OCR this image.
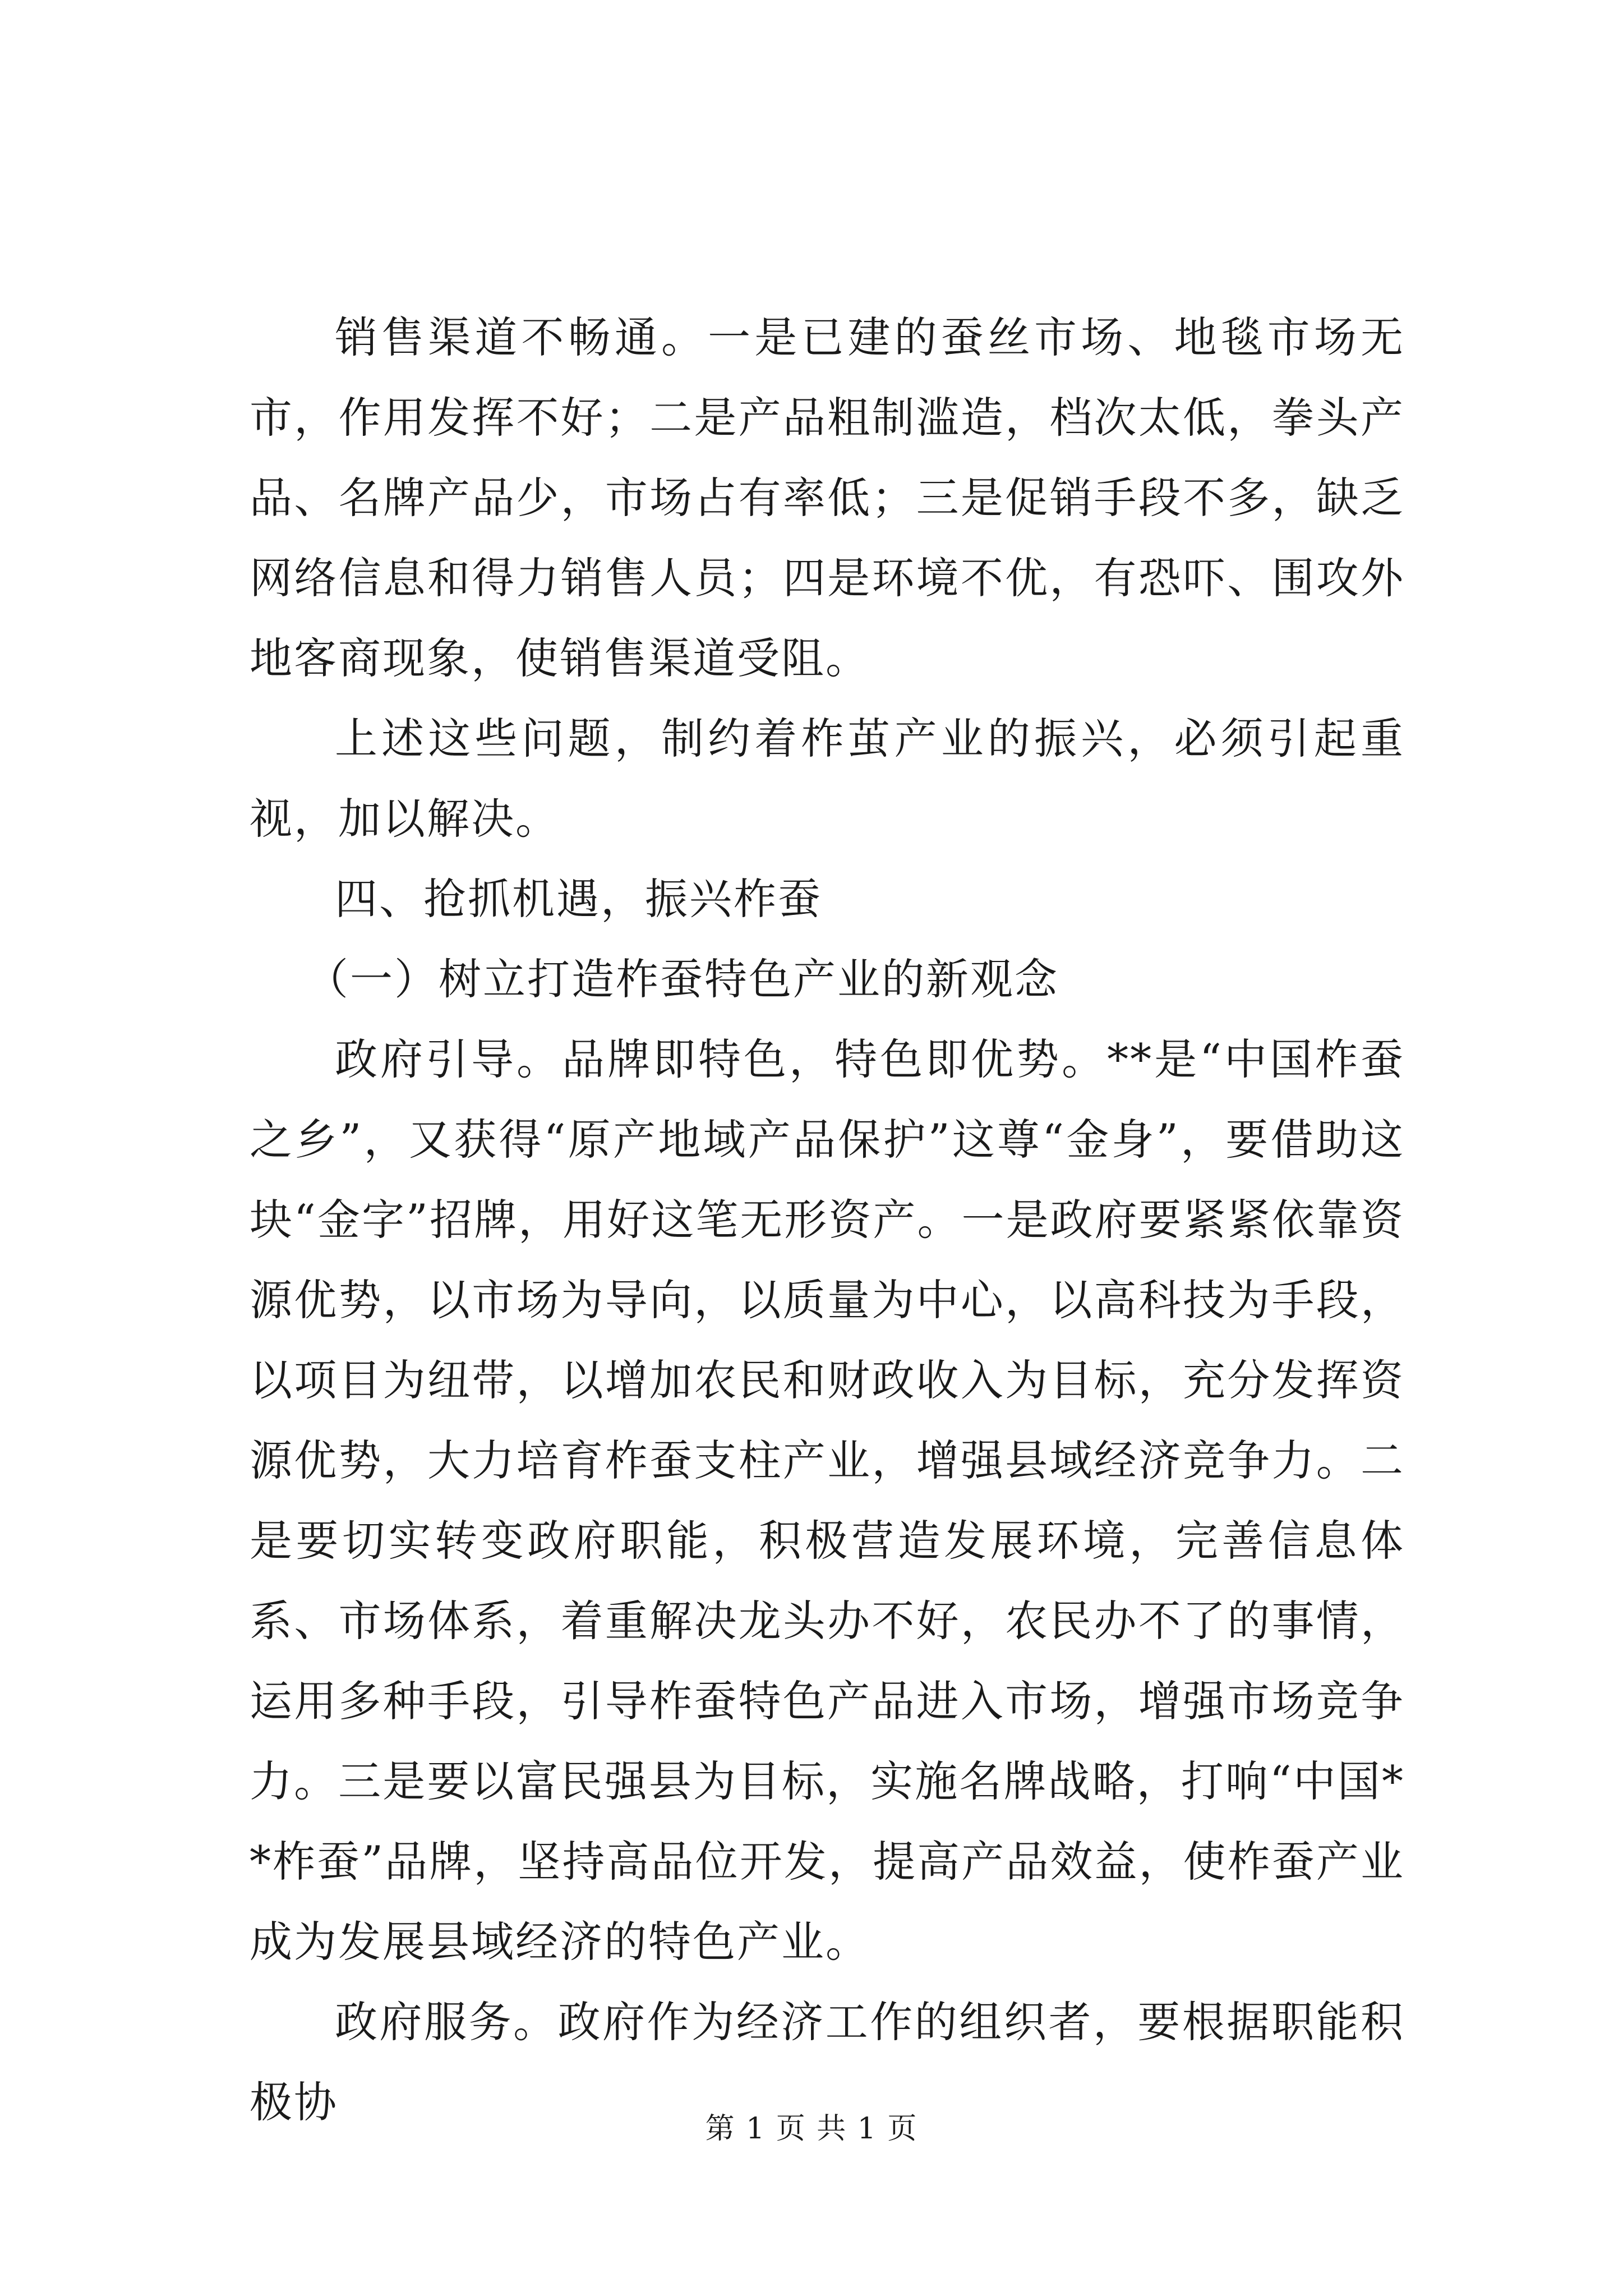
销售渠道不畅通。一是已建的蚕丝市场、地毯市场无市，作用发挥不好；二是产品粗制滥造，档次太低，拳头产品、名牌产品少，市场占有率低；三是促销手段不多，缺乏网络信息和得力销售人员；四是环境不优，有恐吓、围攻外地客商现象，使销售渠道受阻。

上述这些问题，制约着柞茧产业的振兴，必须引起重视，加以解决。

四、抢抓机遇，振兴柞蚕

（一）树立打造柞蚕特色产业的新观念

政府引导。品牌即特色，特色即优势。**是“中国柞蚕之乡”，又获得“原产地域产品保护”这尊“金身”，要借助这块“金字”招牌，用好这笔无形资产。一是政府要紧紧依靠资源优势，以市场为导向，以质量为中心，以高科技为手段，以项目为纽带，以增加农民和财政收入为目标，充分发挥资源优势，大力培育柞蚕支柱产业，增强县域经济竞争力。二是要切实转变政府职能，积极营造发展环境，完善信息体系、市场体系，着重解决龙头办不好，农民办不了的事情，运用多种手段，引导柞蚕特色产品进入市场，增强市场竞争力。三是要以富民强县为目标，实施名牌战略，打响“中国**柞蚕”品牌，坚持高品位开发，提高产品效益，使柞蚕产业成为发展县域经济的特色产业。

政府服务。政府作为经济工作的组织者，要根据职能积极协

第 1 页 共 1 页
